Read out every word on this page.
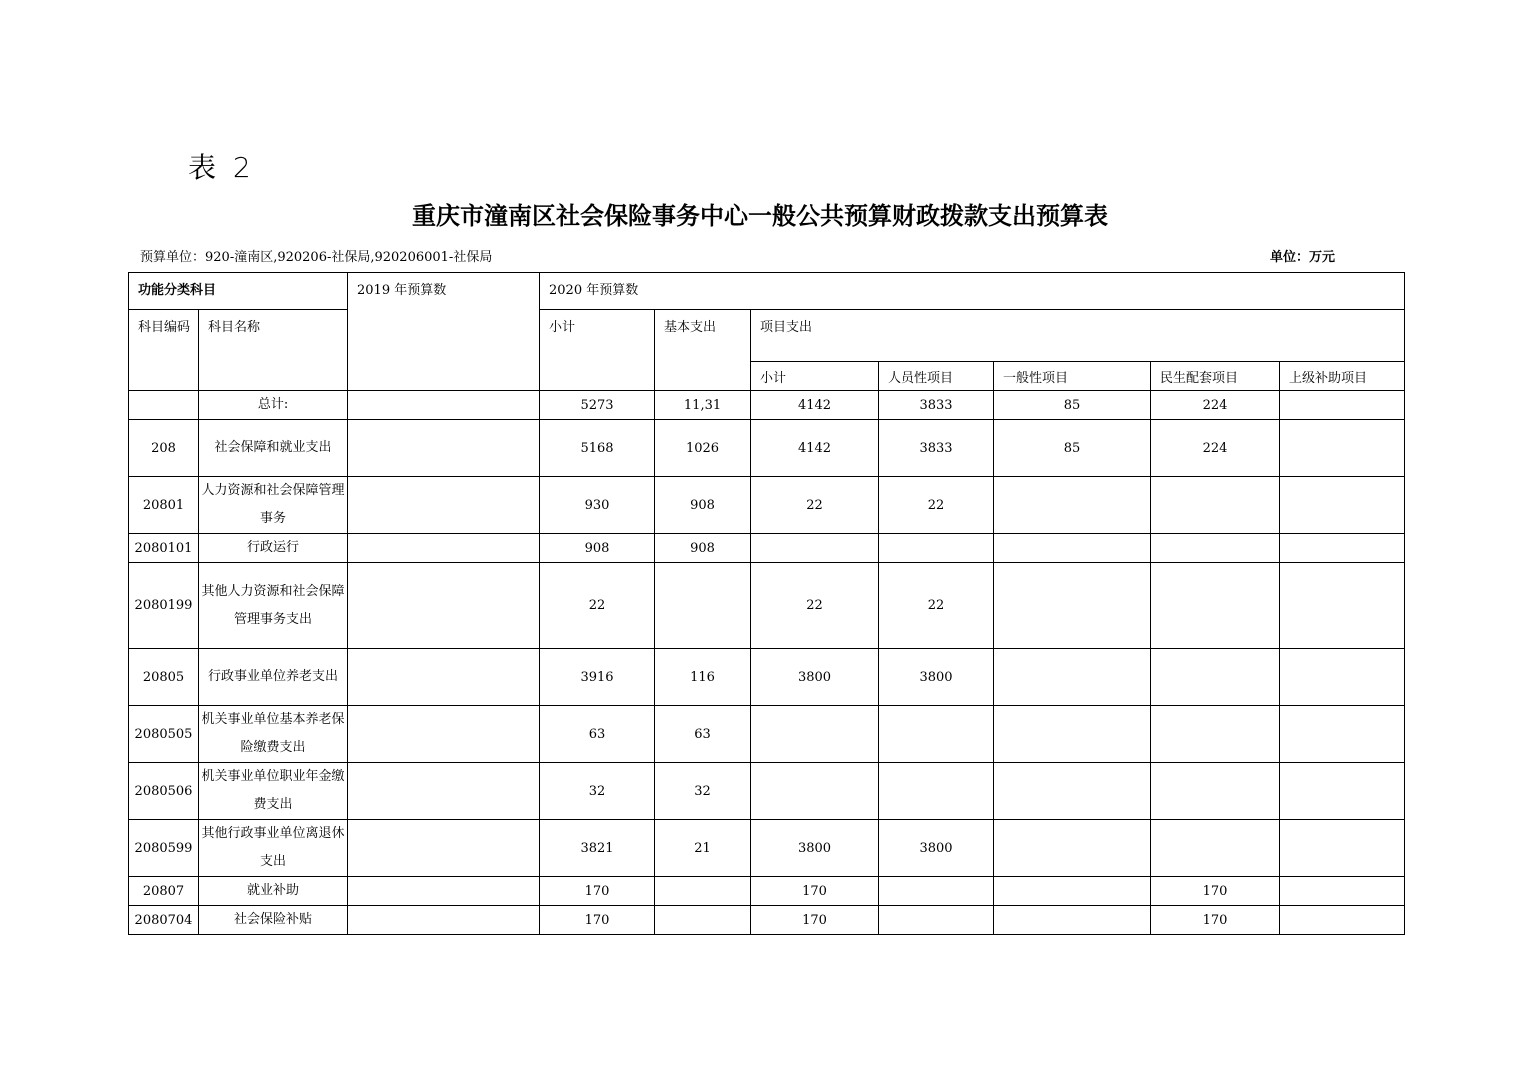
表 2
重庆市潼南区社会保险事务中心一般公共预算财政拨款支出预算表
预算单位：920-潼南区,920206-社保局,920206001-社保局	单位：万元
功能分类科目		2019 年预算数	2020 年预算数						
科目编码	科目名称		小计	基本支出	项目支出				
					小计	人员性项目	一般性项目	民生配套项目	上级补助项目
	总计:		5273	11,31	4142	3833	85	224	
208	社会保障和就业支出		5168	1026	4142	3833	85	224	
20801	人力资源和社会保障管理事务		930	908	22	22			
2080101	行政运行		908	908					
2080199	其他人力资源和社会保障管理事务支出		22		22	22			
20805	行政事业单位养老支出		3916	116	3800	3800			
2080505	机关事业单位基本养老保险缴费支出		63	63					
2080506	机关事业单位职业年金缴费支出		32	32					
2080599	其他行政事业单位离退休支出		3821	21	3800	3800			
20807	就业补助		170		170			170	
2080704	社会保险补贴		170		170			170	
